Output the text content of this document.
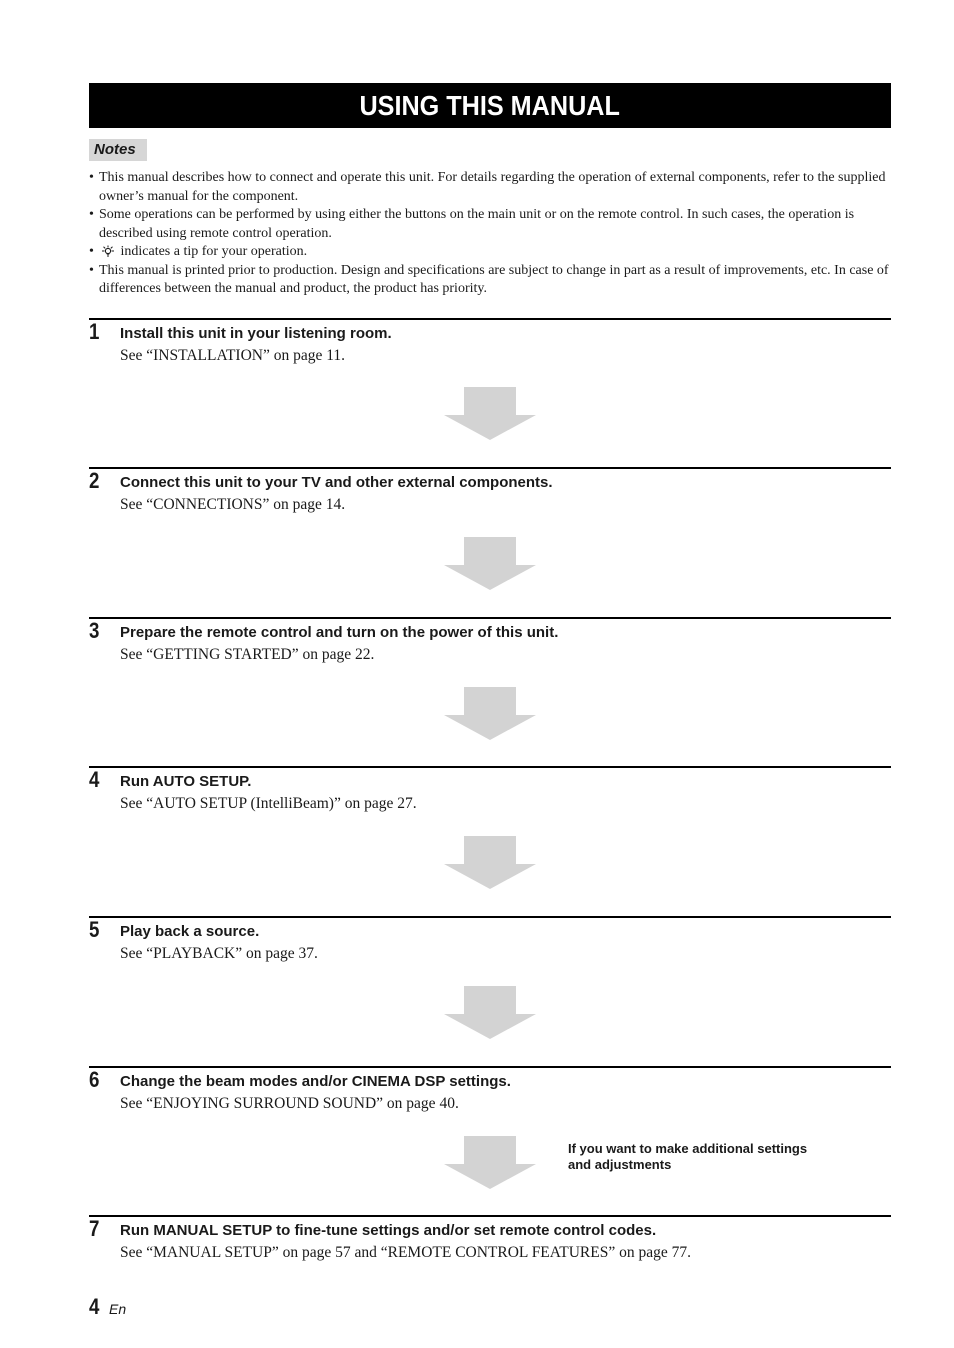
USING THIS MANUAL
Notes
• This manual describes how to connect and operate this unit. For details regarding the operation of external components, refer to the supplied owner’s manual for the component.
• Some operations can be performed by using either the buttons on the main unit or on the remote control. In such cases, the operation is described using remote control operation.
• indicates a tip for your operation.
• This manual is printed prior to production. Design and specifications are subject to change in part as a result of improvements, etc. In case of differences between the manual and product, the product has priority.
1 Install this unit in your listening room.
See “INSTALLATION” on page 11.
2 Connect this unit to your TV and other external components.
See “CONNECTIONS” on page 14.
3 Prepare the remote control and turn on the power of this unit.
See “GETTING STARTED” on page 22.
4 Run AUTO SETUP.
See “AUTO SETUP (IntelliBeam)” on page 27.
5 Play back a source.
See “PLAYBACK” on page 37.
6 Change the beam modes and/or CINEMA DSP settings.
See “ENJOYING SURROUND SOUND” on page 40.
If you want to make additional settings
and adjustments
7 Run MANUAL SETUP to fine-tune settings and/or set remote control codes.
See “MANUAL SETUP” on page 57 and “REMOTE CONTROL FEATURES” on page 77.
4 En
